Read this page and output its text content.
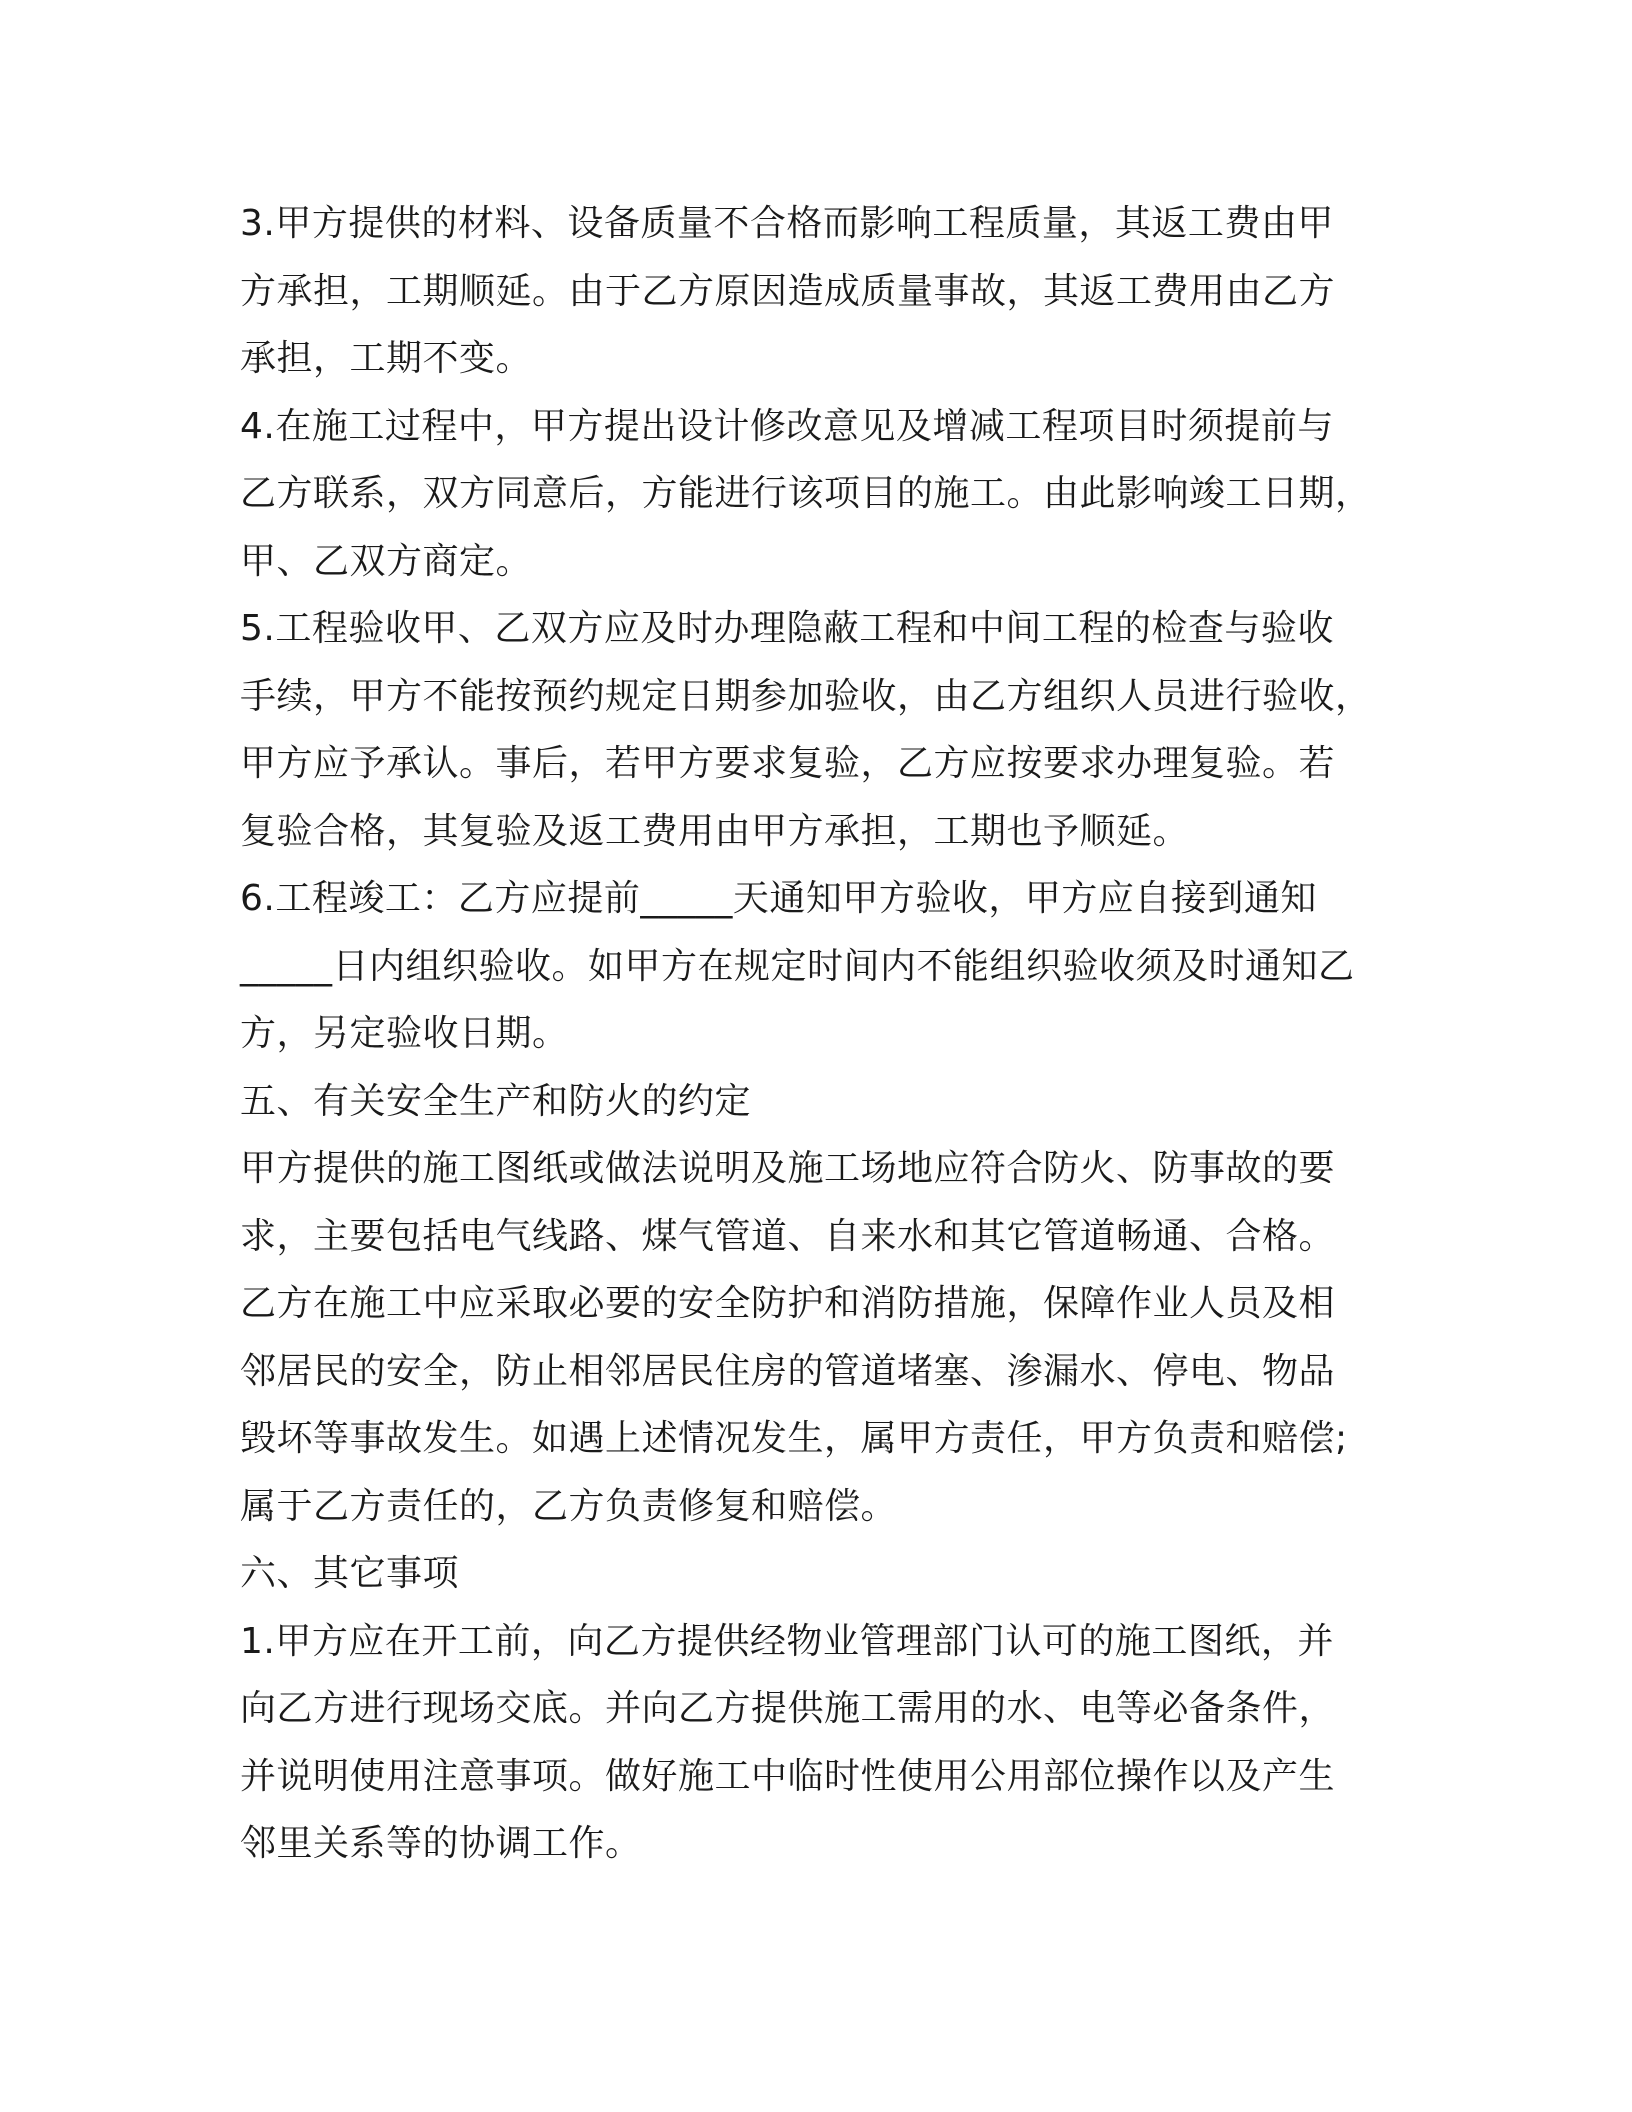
3.甲方提供的材料、设备质量不合格而影响工程质量，其返工费由甲
方承担，工期顺延。由于乙方原因造成质量事故，其返工费用由乙方
承担，工期不变。
4.在施工过程中，甲方提出设计修改意见及增减工程项目时须提前与
乙方联系，双方同意后，方能进行该项目的施工。由此影响竣工日期，
甲、乙双方商定。
5.工程验收甲、乙双方应及时办理隐蔽工程和中间工程的检查与验收
手续，甲方不能按预约规定日期参加验收，由乙方组织人员进行验收，
甲方应予承认。事后，若甲方要求复验，乙方应按要求办理复验。若
复验合格，其复验及返工费用由甲方承担，工期也予顺延。
6.工程竣工：乙方应提前_____天通知甲方验收，甲方应自接到通知
_____日内组织验收。如甲方在规定时间内不能组织验收须及时通知乙
方，另定验收日期。
五、有关安全生产和防火的约定
甲方提供的施工图纸或做法说明及施工场地应符合防火、防事故的要
求，主要包括电气线路、煤气管道、自来水和其它管道畅通、合格。
乙方在施工中应采取必要的安全防护和消防措施，保障作业人员及相
邻居民的安全，防止相邻居民住房的管道堵塞、渗漏水、停电、物品
毁坏等事故发生。如遇上述情况发生，属甲方责任，甲方负责和赔偿;
属于乙方责任的，乙方负责修复和赔偿。
六、其它事项
1.甲方应在开工前，向乙方提供经物业管理部门认可的施工图纸，并
向乙方进行现场交底。并向乙方提供施工需用的水、电等必备条件，
并说明使用注意事项。做好施工中临时性使用公用部位操作以及产生
邻里关系等的协调工作。
